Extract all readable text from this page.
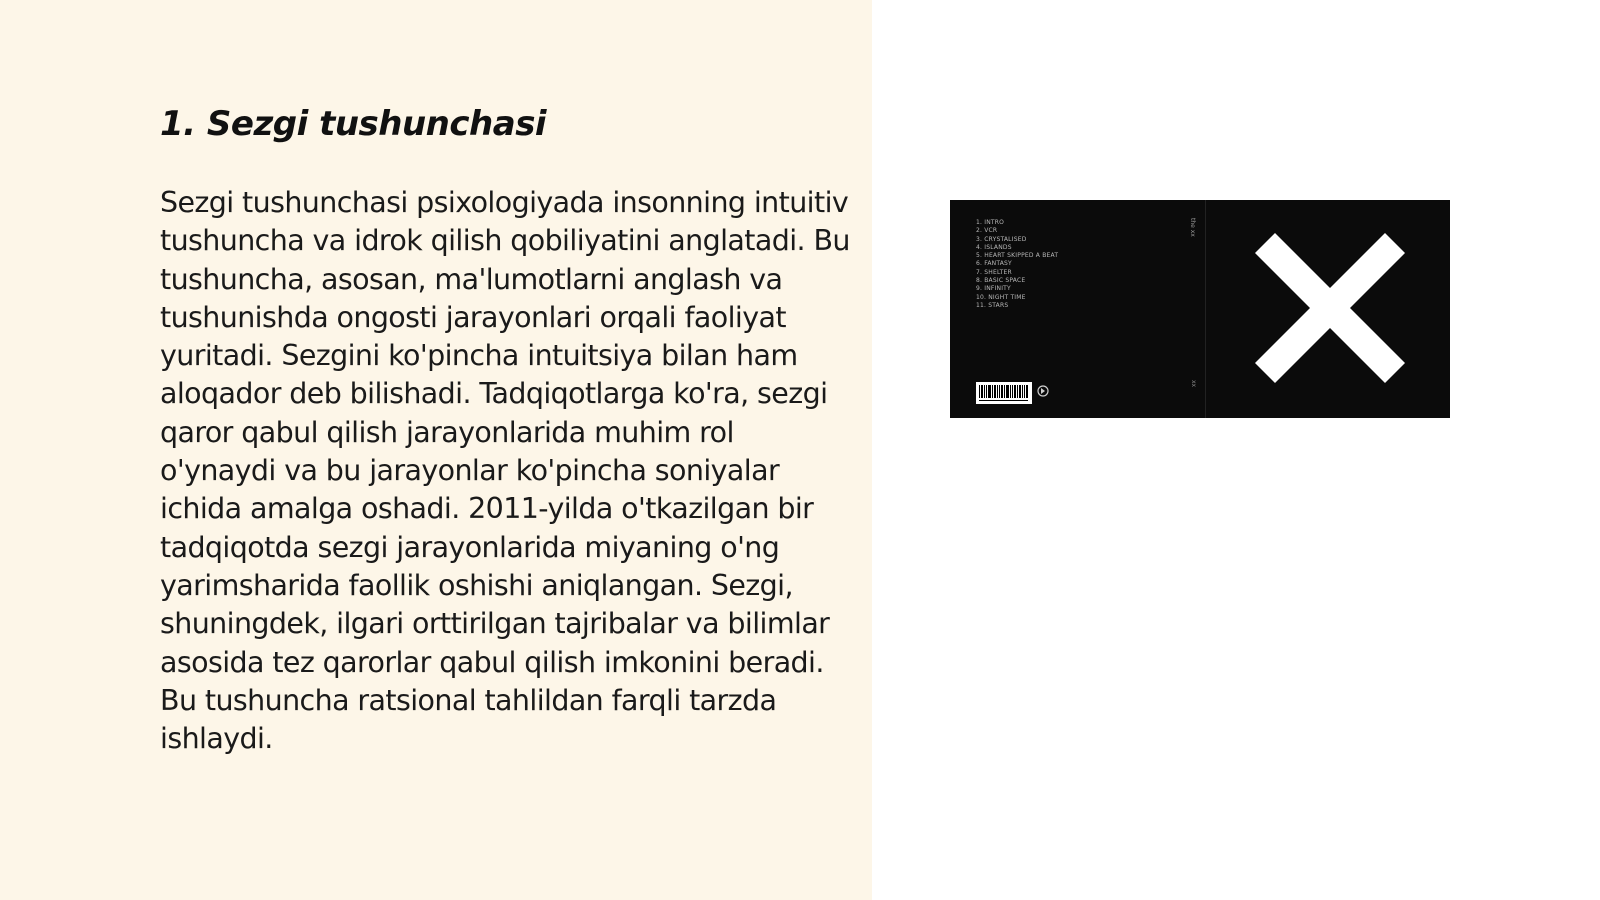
1. Sezgi tushunchasi

Sezgi tushunchasi psixologiyada insonning intuitiv tushuncha va idrok qilish qobiliyatini anglatadi. Bu tushuncha, asosan, ma'lumotlarni anglash va tushunishda ongosti jarayonlari orqali faoliyat yuritadi. Sezgini ko'pincha intuitsiya bilan ham aloqador deb bilishadi. Tadqiqotlarga ko'ra, sezgi qaror qabul qilish jarayonlarida muhim rol o'ynaydi va bu jarayonlar ko'pincha soniyalar ichida amalga oshadi. 2011-yilda o'tkazilgan bir tadqiqotda sezgi jarayonlarida miyaning o'ng yarimsharida faollik oshishi aniqlangan. Sezgi, shuningdek, ilgari orttirilgan tajribalar va bilimlar asosida tez qarorlar qabul qilish imkonini beradi. Bu tushuncha ratsional tahlildan farqli tarzda ishlaydi.

1. INTRO
2. VCR
3. CRYSTALISED
4. ISLANDS
5. HEART SKIPPED A BEAT
6. FANTASY
7. SHELTER
8. BASIC SPACE
9. INFINITY
10. NIGHT TIME
11. STARS
the xx
xx
